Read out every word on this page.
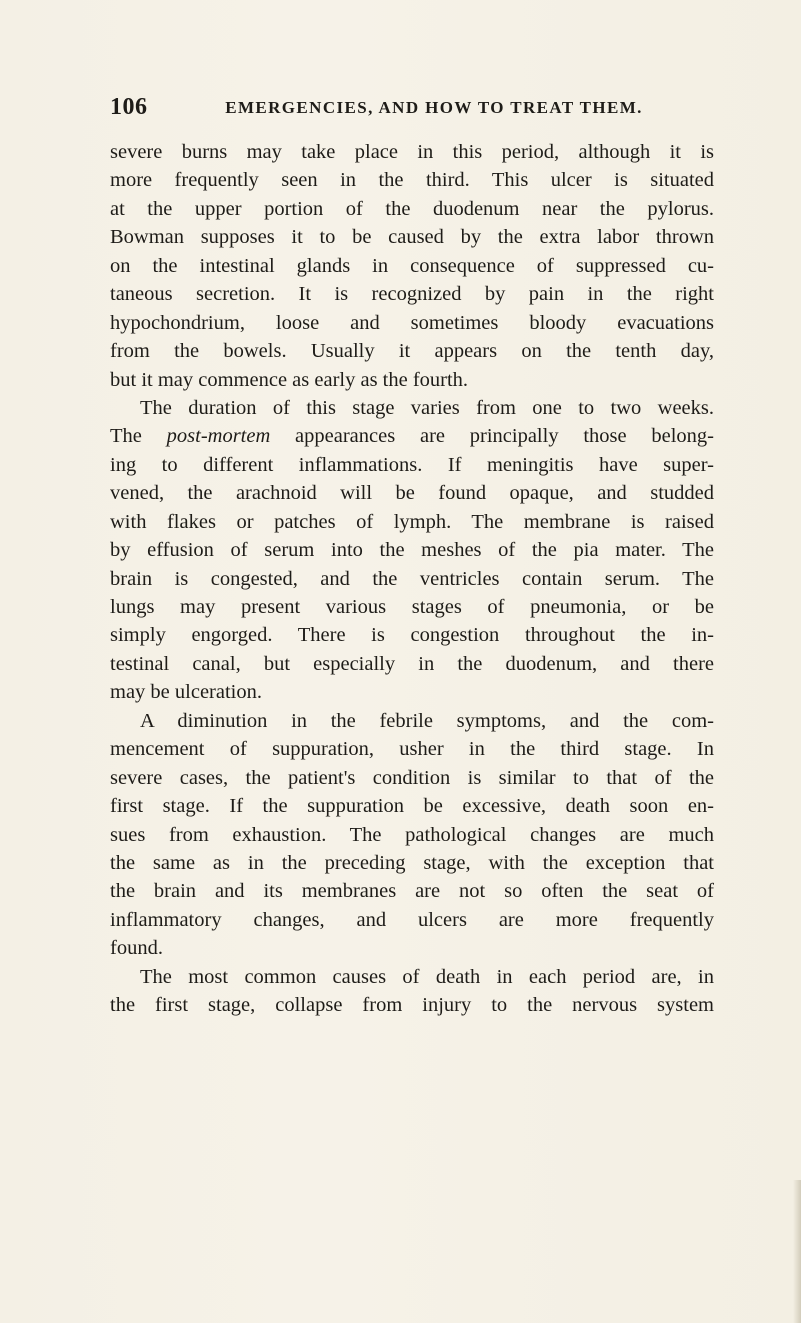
106	EMERGENCIES, AND HOW TO TREAT THEM.
severe burns may take place in this period, although it is
more frequently seen in the third. This ulcer is situated
at the upper portion of the duodenum near the pylorus.
Bowman supposes it to be caused by the extra labor thrown
on the intestinal glands in consequence of suppressed cu-
taneous secretion. It is recognized by pain in the right
hypochondrium, loose and sometimes bloody evacuations
from the bowels. Usually it appears on the tenth day,
but it may commence as early as the fourth.
The duration of this stage varies from one to two weeks.
The post-mortem appearances are principally those belong-
ing to different inflammations. If meningitis have super-
vened, the arachnoid will be found opaque, and studded
with flakes or patches of lymph. The membrane is raised
by effusion of serum into the meshes of the pia mater. The
brain is congested, and the ventricles contain serum. The
lungs may present various stages of pneumonia, or be
simply engorged. There is congestion throughout the in-
testinal canal, but especially in the duodenum, and there
may be ulceration.
A diminution in the febrile symptoms, and the com-
mencement of suppuration, usher in the third stage. In
severe cases, the patient's condition is similar to that of the
first stage. If the suppuration be excessive, death soon en-
sues from exhaustion. The pathological changes are much
the same as in the preceding stage, with the exception that
the brain and its membranes are not so often the seat of
inflammatory changes, and ulcers are more frequently
found.
The most common causes of death in each period are, in
the first stage, collapse from injury to the nervous system
